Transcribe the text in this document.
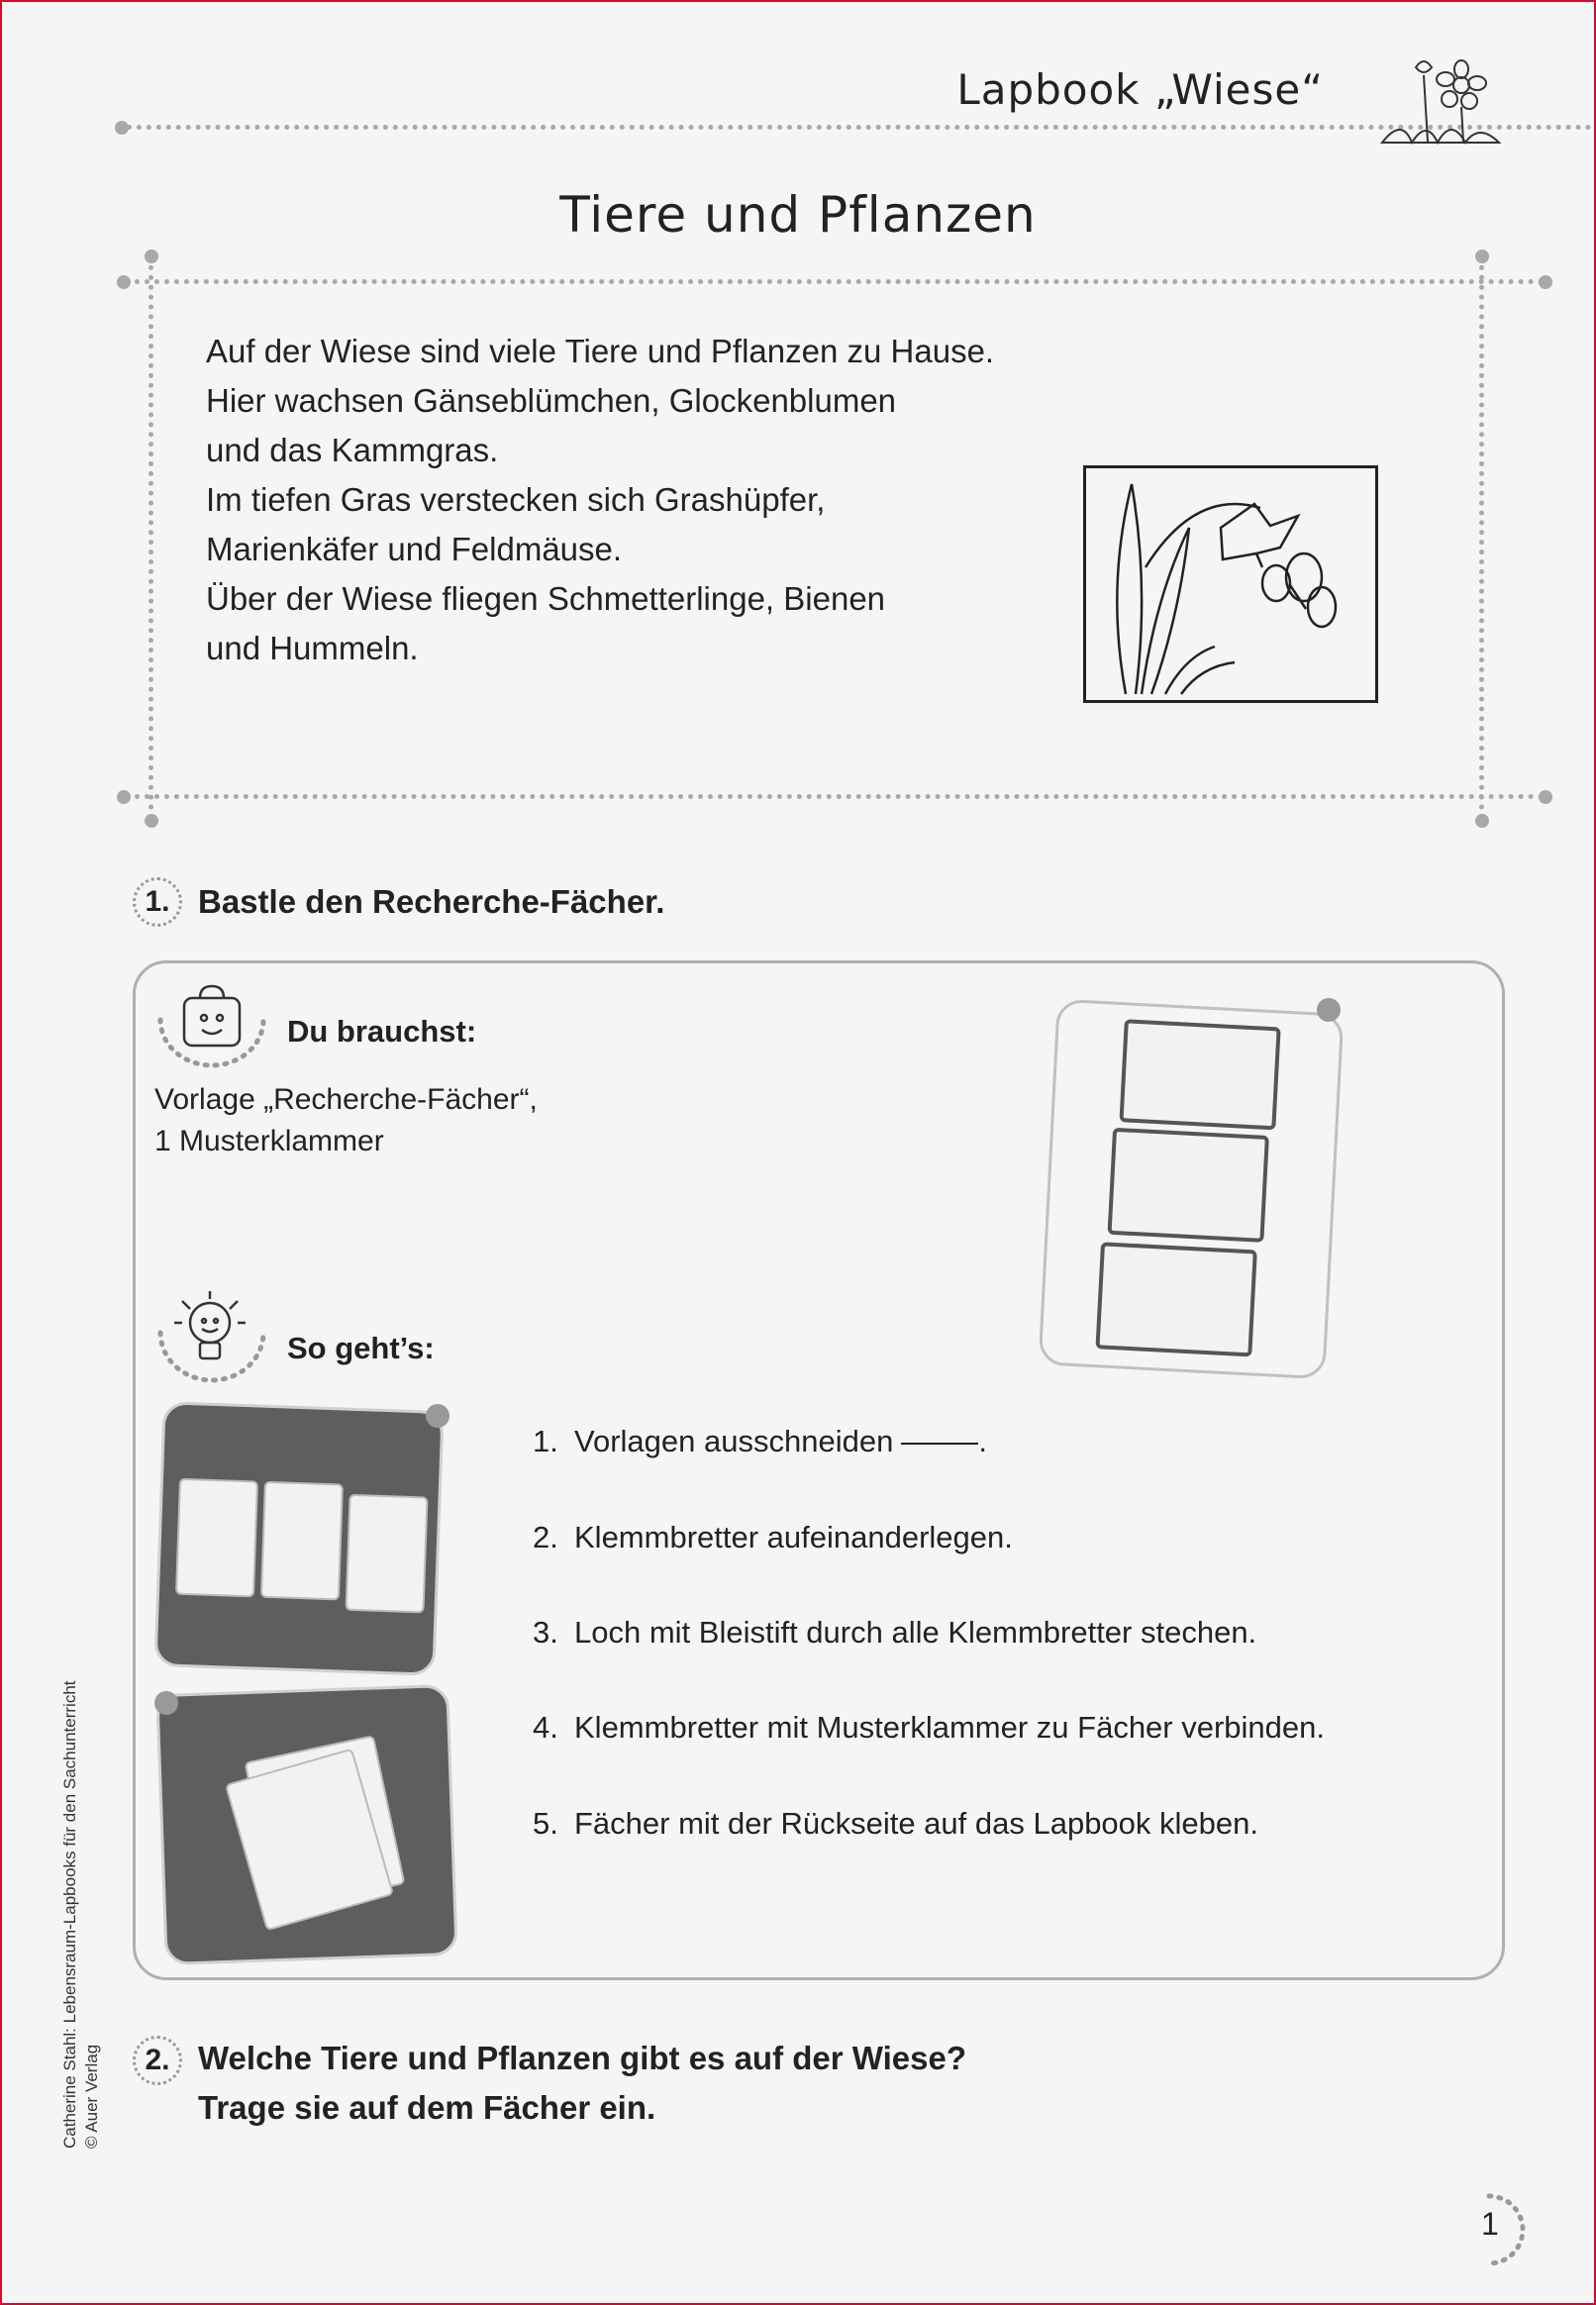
Lapbook „Wiese“
Tiere und Pflanzen
Auf der Wiese sind viele Tiere und Pflanzen zu Hause.
Hier wachsen Gänseblümchen, Glockenblumen
und das Kammgras.
Im tiefen Gras verstecken sich Grashüpfer,
Marienkäfer und Feldmäuse.
Über der Wiese fliegen Schmetterlinge, Bienen
und Hummeln.
1. Bastle den Recherche-Fächer.
Du brauchst:
Vorlage „Recherche-Fächer“,
1 Musterklammer
So geht’s:
1. Vorlagen ausschneiden	.
2. Klemmbretter aufeinanderlegen.
3. Loch mit Bleistift durch alle Klemmbretter stechen.
4. Klemmbretter mit Musterklammer zu Fächer verbinden.
5. Fächer mit der Rückseite auf das Lapbook kleben.
2. Welche Tiere und Pflanzen gibt es auf der Wiese?
Trage sie auf dem Fächer ein.
Catherine Stahl: Lebensraum-Lapbooks für den Sachunterricht © Auer Verlag
1
